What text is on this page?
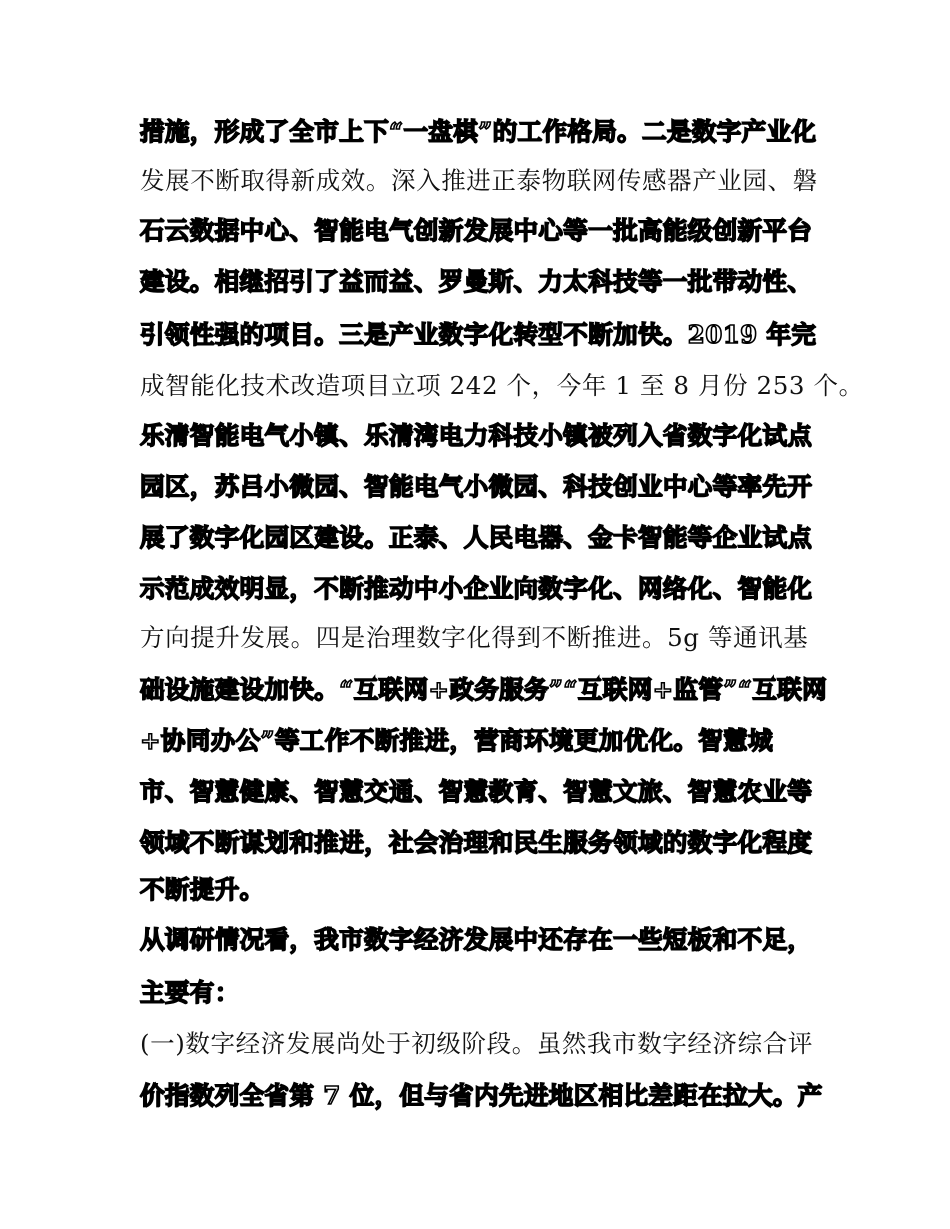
措施，形成了全市上下“一盘棋”的工作格局。二是数字产业化
发展不断取得新成效。深入推进正泰物联网传感器产业园、磐
石云数据中心、智能电气创新发展中心等一批高能级创新平台
建设。相继招引了益而益、罗曼斯、力太科技等一批带动性、
引领性强的项目。三是产业数字化转型不断加快。2019 年完
成智能化技术改造项目立项 242 个，今年 1 至 8 月份 253 个。
乐清智能电气小镇、乐清湾电力科技小镇被列入省数字化试点
园区，苏吕小微园、智能电气小微园、科技创业中心等率先开
展了数字化园区建设。正泰、人民电器、金卡智能等企业试点
示范成效明显，不断推动中小企业向数字化、网络化、智能化
方向提升发展。四是治理数字化得到不断推进。5g 等通讯基
础设施建设加快。“互联网+政务服务”“互联网+监管”“互联网
+协同办公”等工作不断推进，营商环境更加优化。智慧城
市、智慧健康、智慧交通、智慧教育、智慧文旅、智慧农业等
领域不断谋划和推进，社会治理和民生服务领域的数字化程度
不断提升。
从调研情况看，我市数字经济发展中还存在一些短板和不足，
主要有：
(一)数字经济发展尚处于初级阶段。虽然我市数字经济综合评
价指数列全省第 7 位，但与省内先进地区相比差距在拉大。产
